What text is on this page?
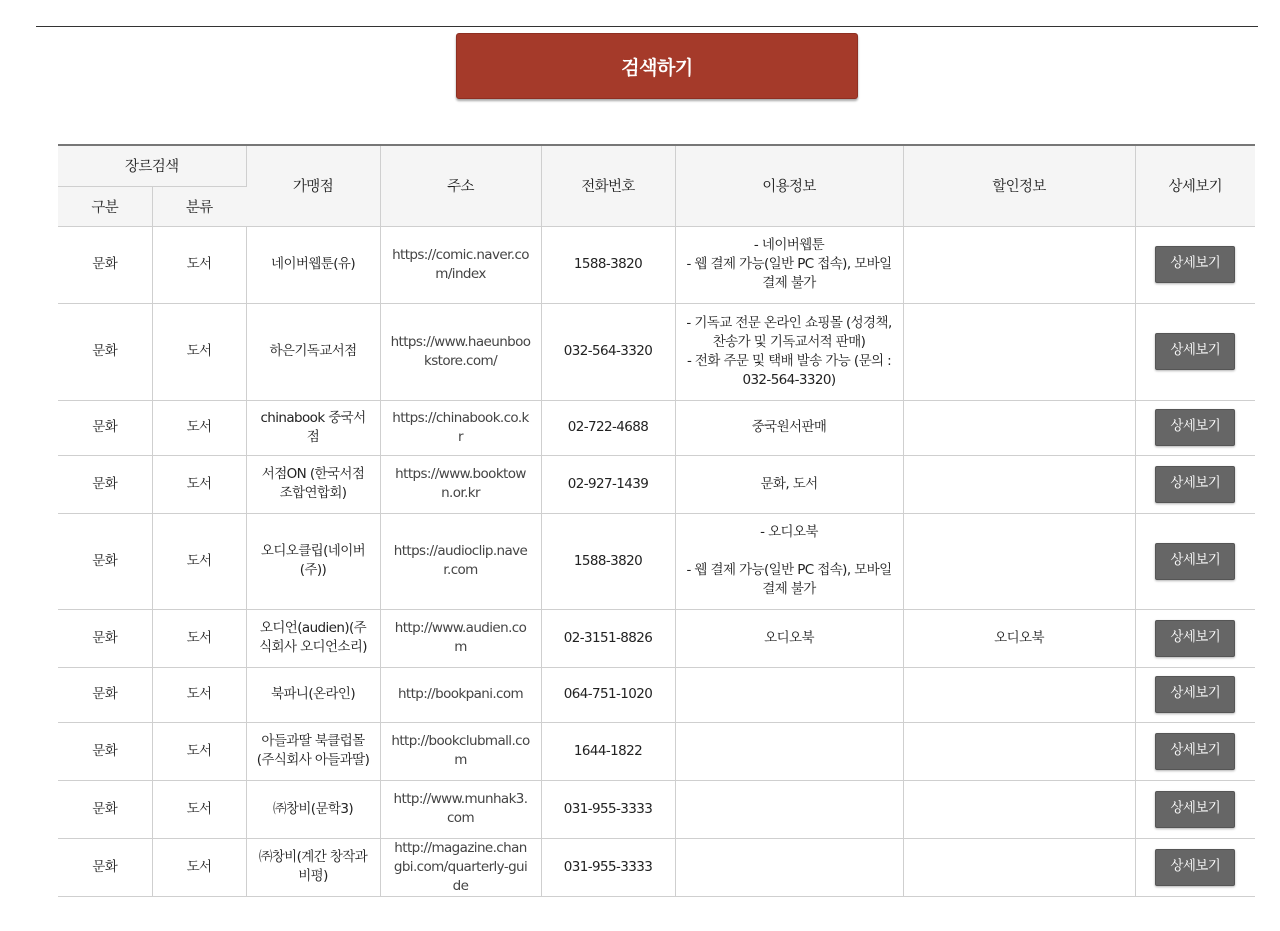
검색하기
장르검색		가맹점	주소	전화번호	이용정보	할인정보	상세보기
구분	분류						
문화	도서	네이버웹툰(유)	https://comic.naver.com/index	1588-3820	- 네이버웹툰
- 웹 결제 가능(일반 PC 접속), 모바일 결제 불가		상세보기
문화	도서	하은기독교서점	https://www.haeunbookstore.com/	032-564-3320	- 기독교 전문 온라인 쇼핑몰 (성경책, 찬송가 및 기독교서적 판매)
- 전화 주문 및 택배 발송 가능 (문의 : 032-564-3320)		상세보기
문화	도서	chinabook 중국서점	https://chinabook.co.kr	02-722-4688	중국원서판매		상세보기
문화	도서	서점ON (한국서점조합연합회)	https://www.booktown.or.kr	02-927-1439	문화, 도서		상세보기
문화	도서	오디오클립(네이버(주))	https://audioclip.naver.com	1588-3820	- 오디오북

- 웹 결제 가능(일반 PC 접속), 모바일 결제 불가		상세보기
문화	도서	오디언(audien)(주식회사 오디언소리)	http://www.audien.com	02-3151-8826	오디오북	오디오북	상세보기
문화	도서	북파니(온라인)	http://bookpani.com	064-751-1020			상세보기
문화	도서	아들과딸 북클럽몰(주식회사 아들과딸)	http://bookclubmall.com	1644-1822			상세보기
문화	도서	㈜창비(문학3)	http://www.munhak3.com	031-955-3333			상세보기
문화	도서	㈜창비(계간 창작과 비평)	http://magazine.changbi.com/quarterly-guide	031-955-3333			상세보기
